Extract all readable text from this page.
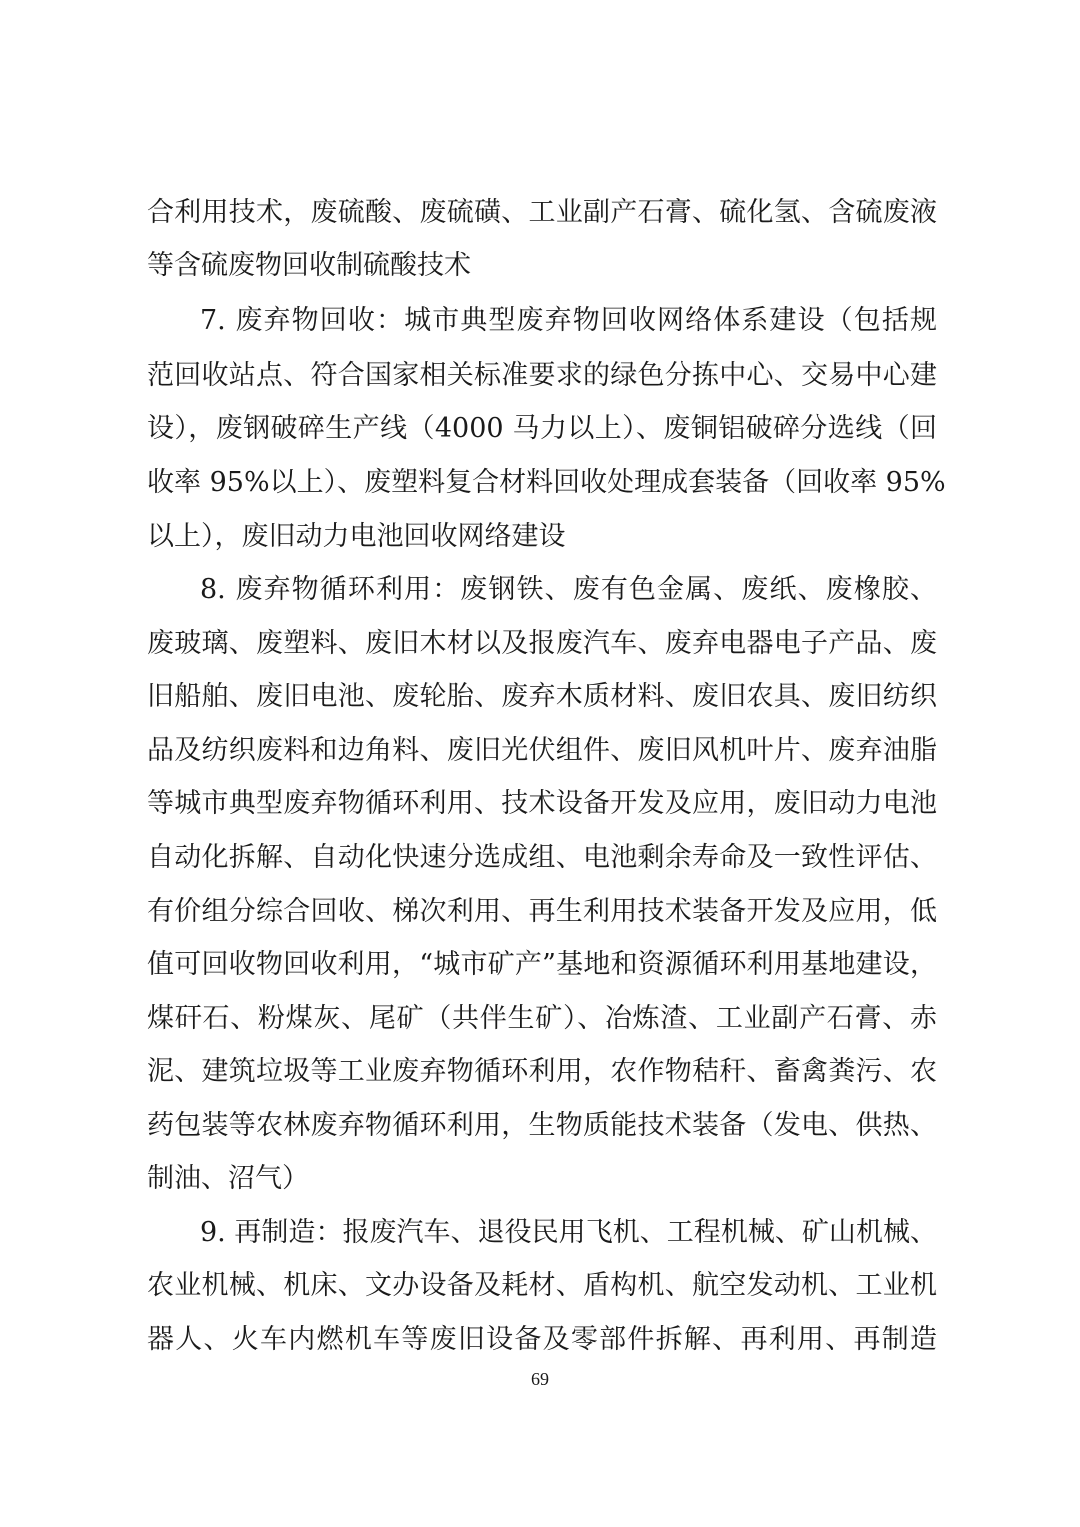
合利用技术，废硫酸、废硫磺、工业副产石膏、硫化氢、含硫废液
等含硫废物回收制硫酸技术
7. 废弃物回收：城市典型废弃物回收网络体系建设（包括规
范回收站点、符合国家相关标准要求的绿色分拣中心、交易中心建
设），废钢破碎生产线（4000 马力以上）、废铜铝破碎分选线（回
收率 95%以上）、废塑料复合材料回收处理成套装备（回收率 95%
以上），废旧动力电池回收网络建设
8. 废弃物循环利用：废钢铁、废有色金属、废纸、废橡胶、
废玻璃、废塑料、废旧木材以及报废汽车、废弃电器电子产品、废
旧船舶、废旧电池、废轮胎、废弃木质材料、废旧农具、废旧纺织
品及纺织废料和边角料、废旧光伏组件、废旧风机叶片、废弃油脂
等城市典型废弃物循环利用、技术设备开发及应用，废旧动力电池
自动化拆解、自动化快速分选成组、电池剩余寿命及一致性评估、
有价组分综合回收、梯次利用、再生利用技术装备开发及应用，低
值可回收物回收利用，“城市矿产”基地和资源循环利用基地建设，
煤矸石、粉煤灰、尾矿（共伴生矿）、冶炼渣、工业副产石膏、赤
泥、建筑垃圾等工业废弃物循环利用，农作物秸秆、畜禽粪污、农
药包装等农林废弃物循环利用，生物质能技术装备（发电、供热、
制油、沼气）
9. 再制造：报废汽车、退役民用飞机、工程机械、矿山机械、
农业机械、机床、文办设备及耗材、盾构机、航空发动机、工业机
器人、火车内燃机车等废旧设备及零部件拆解、再利用、再制造
69
